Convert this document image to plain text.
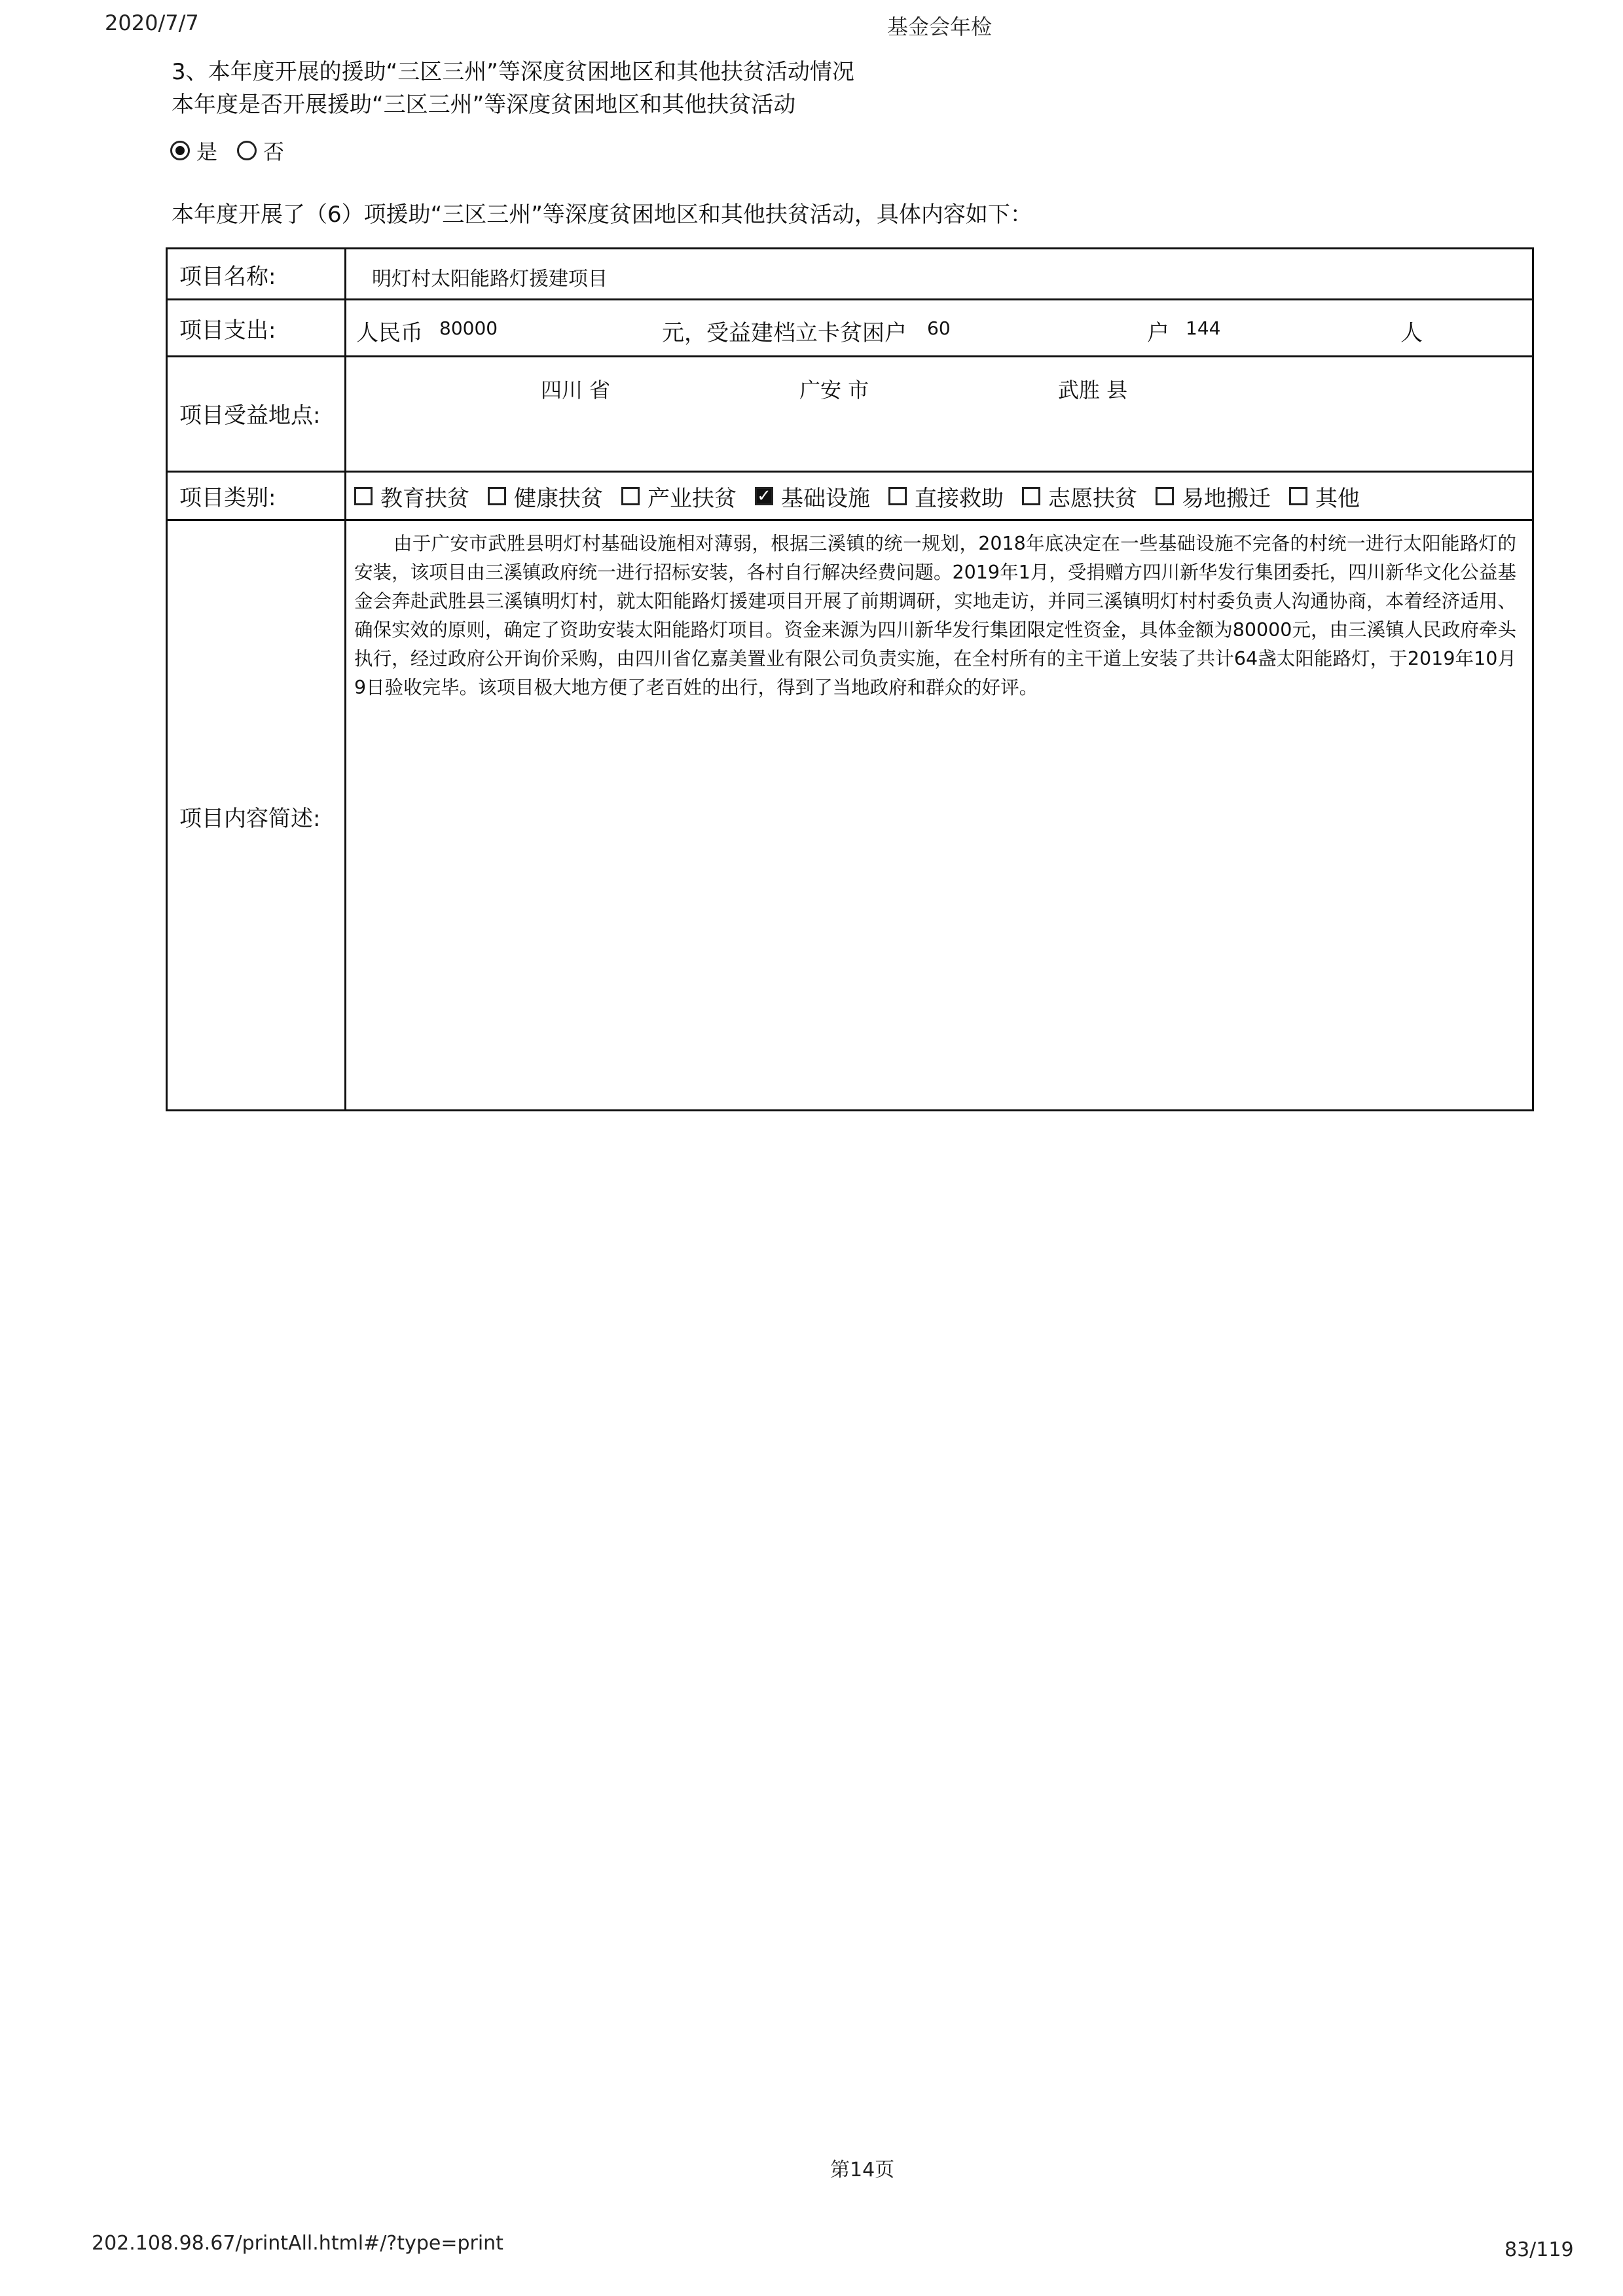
2020/7/7	基金会年检
3、本年度开展的援助“三区三州”等深度贫困地区和其他扶贫活动情况
本年度是否开展援助“三区三州”等深度贫困地区和其他扶贫活动
是 否
本年度开展了（6）项援助“三区三州”等深度贫困地区和其他扶贫活动，具体内容如下：
项目名称:	明灯村太阳能路灯援建项目
项目支出:	人民币 80000	元，受益建档立卡贫困户 60	户 144	人
项目受益地点:
四川 省	广安 市	武胜 县
项目类别:	教育扶贫 健康扶贫 产业扶贫 ✓ 基础设施 直接救助 志愿扶贫 易地搬迁 其他
项目内容简述:
由于广安市武胜县明灯村基础设施相对薄弱，根据三溪镇的统一规划，2018年底决定在一些基础设施不完备的村统一进行太阳能路灯的安装，该项目由三溪镇政府统一进行招标安装，各村自行解决经费问题。2019年1月，受捐赠方四川新华发行集团委托，四川新华文化公益基金会奔赴武胜县三溪镇明灯村，就太阳能路灯援建项目开展了前期调研，实地走访，并同三溪镇明灯村村委负责人沟通协商，本着经济适用、确保实效的原则，确定了资助安装太阳能路灯项目。资金来源为四川新华发行集团限定性资金，具体金额为80000元，由三溪镇人民政府牵头执行，经过政府公开询价采购，由四川省亿嘉美置业有限公司负责实施，在全村所有的主干道上安装了共计64盏太阳能路灯，于2019年10月9日验收完毕。该项目极大地方便了老百姓的出行，得到了当地政府和群众的好评。
第14页
202.108.98.67/printAll.html#/?type=print	83/119
